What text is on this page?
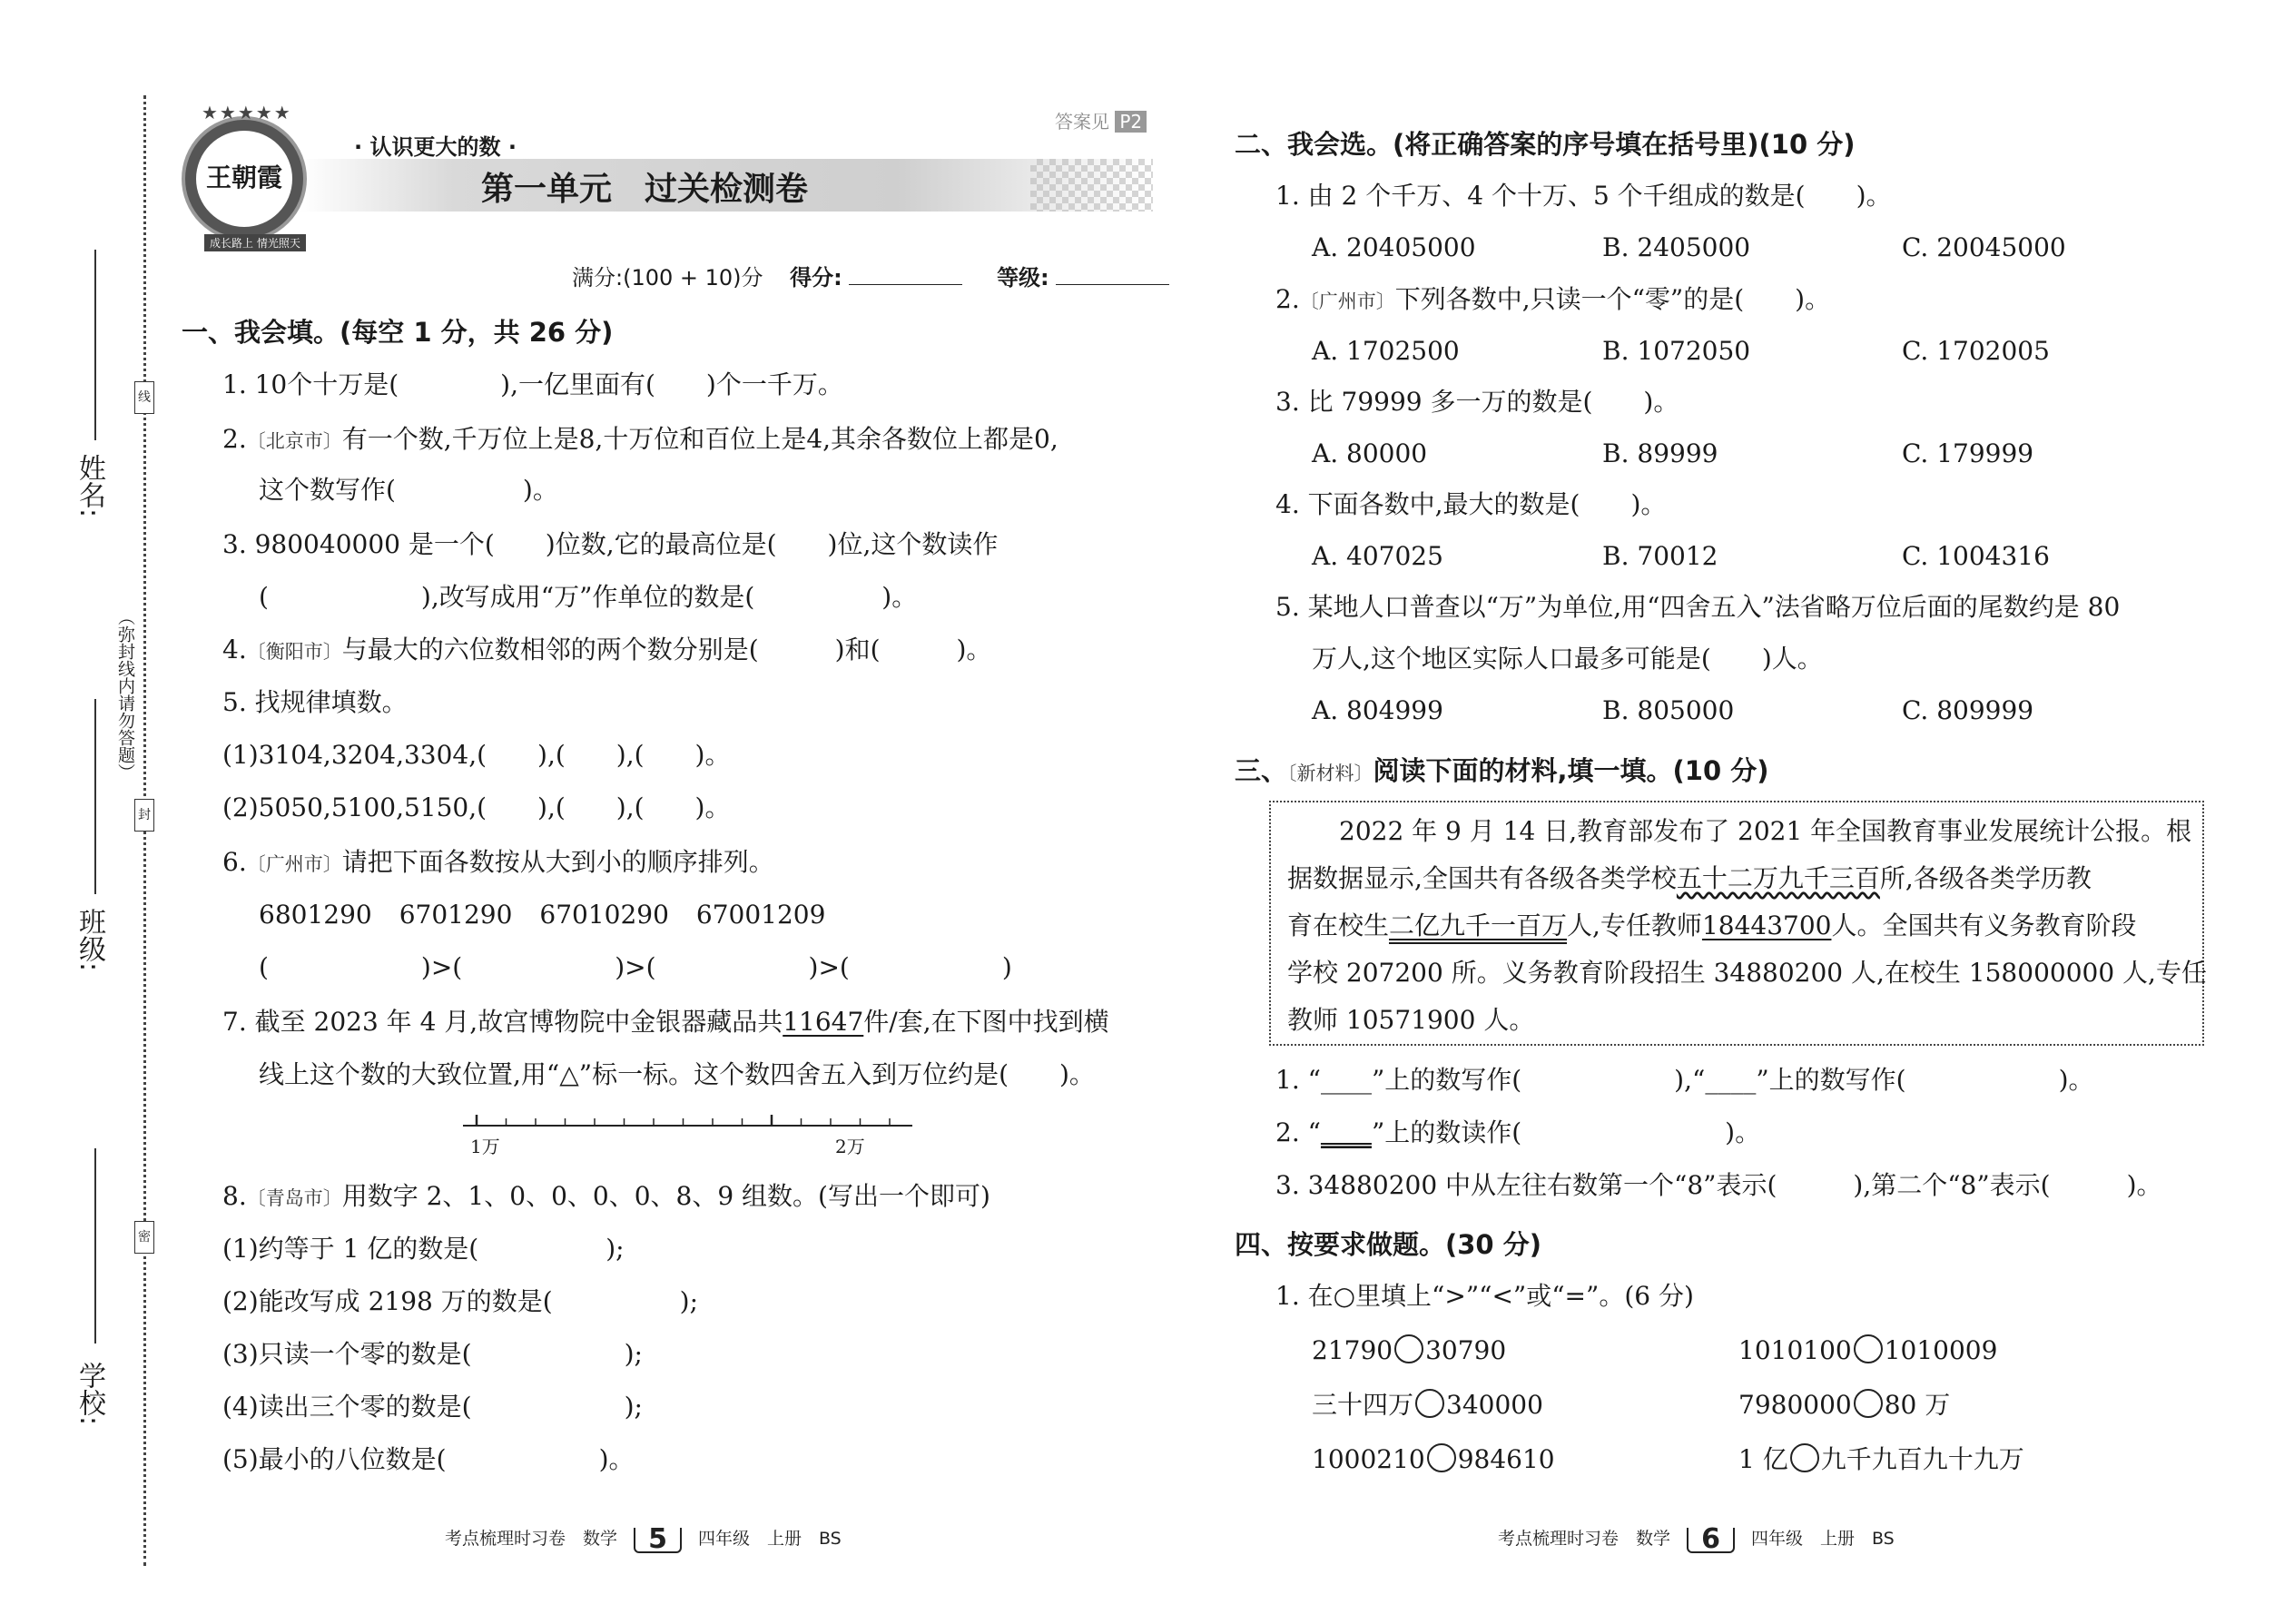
姓名:
班级:
学校:
线
封
密
（弥封线内请勿答题）
王朝霞
★★★★★
成长路上 情光照天
· 认识更大的数 ·
第一单元　过关检测卷
答案见 P2
满分:(100 + 10)分 得分:	等级:
一、我会填。(每空 1 分，共 26 分)
1. 10个十万是(　　　　),一亿里面有(　　)个一千万。
2.〔北京市〕有一个数,千万位上是8,十万位和百位上是4,其余各数位上都是0,
这个数写作(　　　　　)。
3. 980040000 是一个(　　)位数,它的最高位是(　　)位,这个数读作
(　　　　　　),改写成用“万”作单位的数是(　　　　　)。
4.〔衡阳市〕与最大的六位数相邻的两个数分别是(　　　)和(　　　)。
5. 找规律填数。
(1)3104,3204,3304,(　　),(　　),(　　)。
(2)5050,5100,5150,(　　),(　　),(　　)。
6.〔广州市〕请把下面各数按从大到小的顺序排列。
6801290 6701290 67010290 67001209
(　　　　　　)>(　　　　　　)>(　　　　　　)>(　　　　　　)
7. 截至 2023 年 4 月,故宫博物院中金银器藏品共11647件/套,在下图中找到横
线上这个数的大致位置,用“△”标一标。这个数四舍五入到万位约是(　　)。
1万	2万
8.〔青岛市〕用数字 2、1、0、0、0、0、8、9 组数。(写出一个即可)
(1)约等于 1 亿的数是(　　　　　);
(2)能改写成 2198 万的数是(　　　　　);
(3)只读一个零的数是(　　　　　　);
(4)读出三个零的数是(　　　　　　);
(5)最小的八位数是(　　　　　　)。
考点梳理时习卷　数学 5 四年级　上册　BS
二、我会选。(将正确答案的序号填在括号里)(10 分)
1. 由 2 个千万、4 个十万、5 个千组成的数是(　　)。
A. 20405000	B. 2405000	C. 20045000
2.〔广州市〕下列各数中,只读一个“零”的是(　　)。
A. 1702500	B. 1072050	C. 1702005
3. 比 79999 多一万的数是(　　)。
A. 80000	B. 89999	C. 179999
4. 下面各数中,最大的数是(　　)。
A. 407025	B. 70012	C. 1004316
5. 某地人口普查以“万”为单位,用“四舍五入”法省略万位后面的尾数约是 80
万人,这个地区实际人口最多可能是(　　)人。
A. 804999	B. 805000	C. 809999
三、〔新材料〕阅读下面的材料,填一填。(10 分)
2022 年 9 月 14 日,教育部发布了 2021 年全国教育事业发展统计公报。根
据数据显示,全国共有各级各类学校五十二万九千三百所,各级各类学历教
育在校生二亿九千一百万人,专任教师18443700人。全国共有义务教育阶段
学校 207200 所。义务教育阶段招生 34880200 人,在校生 158000000 人,专任
教师 10571900 人。
1. “____”上的数写作(　　　　　　),“____”上的数写作(　　　　　　)。
2. “____”上的数读作(　　　　　　　　)。
3. 34880200 中从左往右数第一个“8”表示(　　　),第二个“8”表示(　　　)。
四、按要求做题。(30 分)
1. 在○里填上“>”“<”或“=”。(6 分)
21790 30790	1010100 1010009
三十四万 340000	7980000 80 万
1000210 984610	1 亿 九千九百九十九万
考点梳理时习卷　数学 6 四年级　上册　BS
